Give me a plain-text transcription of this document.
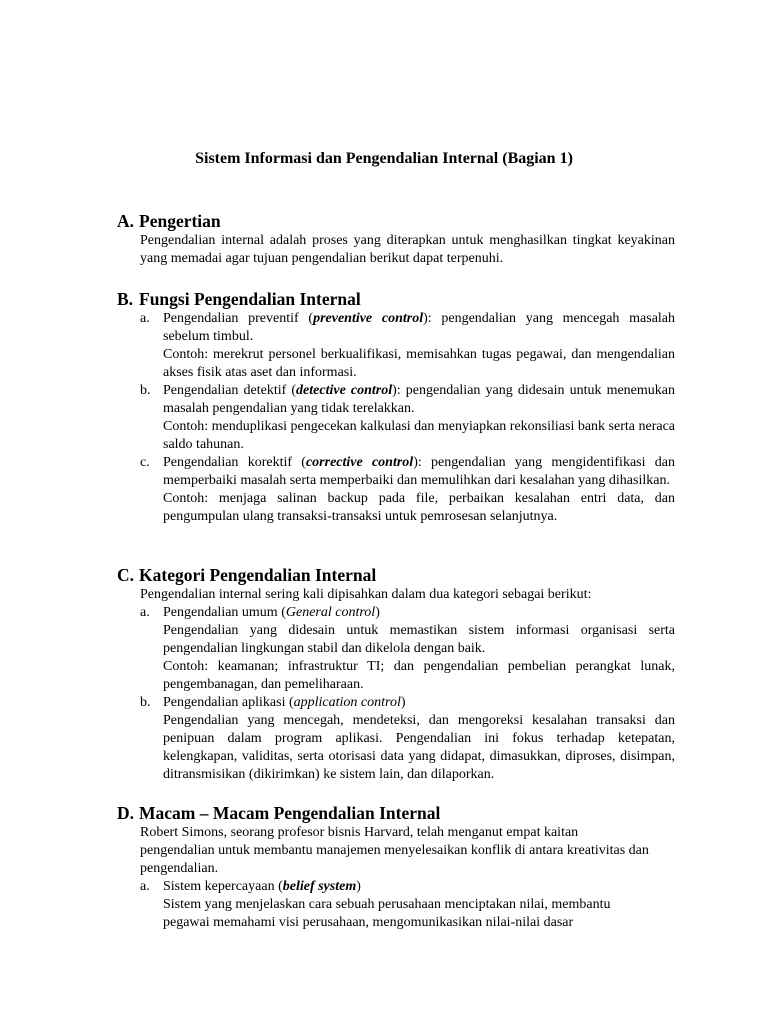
Sistem Informasi dan Pengendalian Internal (Bagian 1)
A. Pengertian
Pengendalian internal adalah proses yang diterapkan untuk menghasilkan tingkat keyakinan yang memadai agar tujuan pengendalian berikut dapat terpenuhi.
B. Fungsi Pengendalian Internal
a. Pengendalian preventif (preventive control): pengendalian yang mencegah masalah sebelum timbul.

Contoh: merekrut personel berkualifikasi, memisahkan tugas pegawai, dan mengendalian akses fisik atas aset dan informasi.

b. Pengendalian detektif (detective control): pengendalian yang didesain untuk menemukan masalah pengendalian yang tidak terelakkan.

Contoh: menduplikasi pengecekan kalkulasi dan menyiapkan rekonsiliasi bank serta neraca saldo tahunan.

c. Pengendalian korektif (corrective control): pengendalian yang mengidentifikasi dan memperbaiki masalah serta memperbaiki dan memulihkan dari kesalahan yang dihasilkan.

Contoh: menjaga salinan backup pada file, perbaikan kesalahan entri data, dan pengumpulan ulang transaksi-transaksi untuk pemrosesan selanjutnya.

C. Kategori Pengendalian Internal

Pengendalian internal sering kali dipisahkan dalam dua kategori sebagai berikut:

a. Pengendalian umum (General control)

Pengendalian yang didesain untuk memastikan sistem informasi organisasi serta pengendalian lingkungan stabil dan dikelola dengan baik.

Contoh: keamanan; infrastruktur TI; dan pengendalian pembelian perangkat lunak, pengembanagan, dan pemeliharaan.

b. Pengendalian aplikasi (application control)

Pengendalian yang mencegah, mendeteksi, dan mengoreksi kesalahan transaksi dan penipuan dalam program aplikasi. Pengendalian ini fokus terhadap ketepatan, kelengkapan, validitas, serta otorisasi data yang didapat, dimasukkan, diproses, disimpan, ditransmisikan (dikirimkan) ke sistem lain, dan dilaporkan.

D. Macam – Macam Pengendalian Internal

Robert Simons, seorang profesor bisnis Harvard, telah menganut empat kaitan pengendalian untuk membantu manajemen menyelesaikan konflik di antara kreativitas dan pengendalian.

a. Sistem kepercayaan (belief system)

Sistem yang menjelaskan cara sebuah perusahaan menciptakan nilai, membantu pegawai memahami visi perusahaan, mengomunikasikan nilai-nilai dasar
